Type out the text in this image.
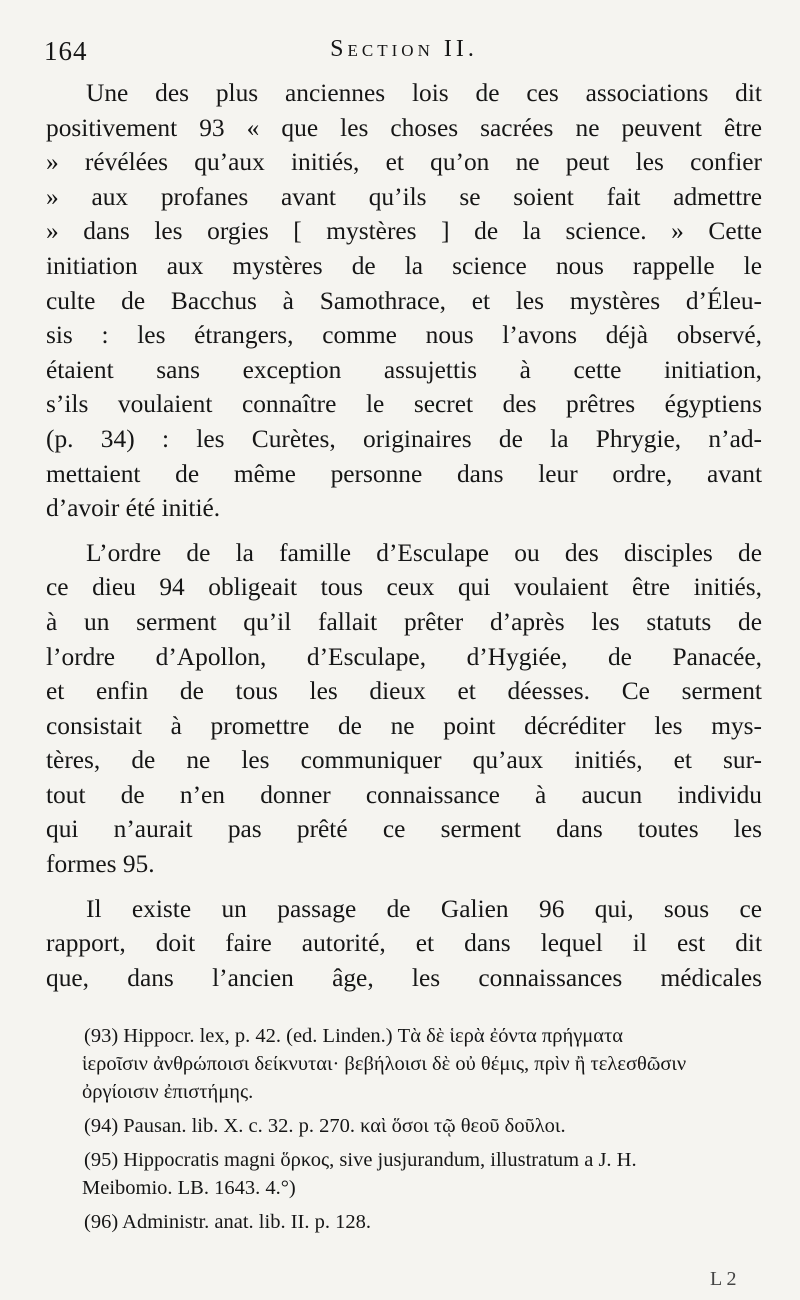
164	Section II.
Une des plus anciennes lois de ces associations dit
positivement 93 « que les choses sacrées ne peuvent être
» révélées qu’aux initiés, et qu’on ne peut les confier
» aux profanes avant qu’ils se soient fait admettre
» dans les orgies [ mystères ] de la science. » Cette
initiation aux mystères de la science nous rappelle le
culte de Bacchus à Samothrace, et les mystères d’Éleu-
sis : les étrangers, comme nous l’avons déjà observé,
étaient sans exception assujettis à cette initiation,
s’ils voulaient connaître le secret des prêtres égyptiens
(p. 34) : les Curètes, originaires de la Phrygie, n’ad-
mettaient de même personne dans leur ordre, avant
d’avoir été initié.
L’ordre de la famille d’Esculape ou des disciples de
ce dieu 94 obligeait tous ceux qui voulaient être initiés,
à un serment qu’il fallait prêter d’après les statuts de
l’ordre d’Apollon, d’Esculape, d’Hygiée, de Panacée,
et enfin de tous les dieux et déesses. Ce serment
consistait à promettre de ne point décréditer les mys-
tères, de ne les communiquer qu’aux initiés, et sur-
tout de n’en donner connaissance à aucun individu
qui n’aurait pas prêté ce serment dans toutes les
formes 95.
Il existe un passage de Galien 96 qui, sous ce
rapport, doit faire autorité, et dans lequel il est dit
que, dans l’ancien âge, les connaissances médicales
(93) Hippocr. lex, p. 42. (ed. Linden.) Τὰ δὲ ἱερὰ ἐόντα πρήγματα
ἱεροῖσιν ἀνθρώποισι δείκνυται· βεβήλοισι δὲ οὐ θέμις, πρὶν ἢ τελεσθῶσιν
ὀργίοισιν ἐπιστήμης.
(94) Pausan. lib. X. c. 32. p. 270. καὶ ὅσοι τῷ θεοῦ δοῦλοι.
(95) Hippocratis magni ὅρκος, sive jusjurandum, illustratum a J. H.
Meibomio. LB. 1643. 4.°)
(96) Administr. anat. lib. II. p. 128.
L 2
